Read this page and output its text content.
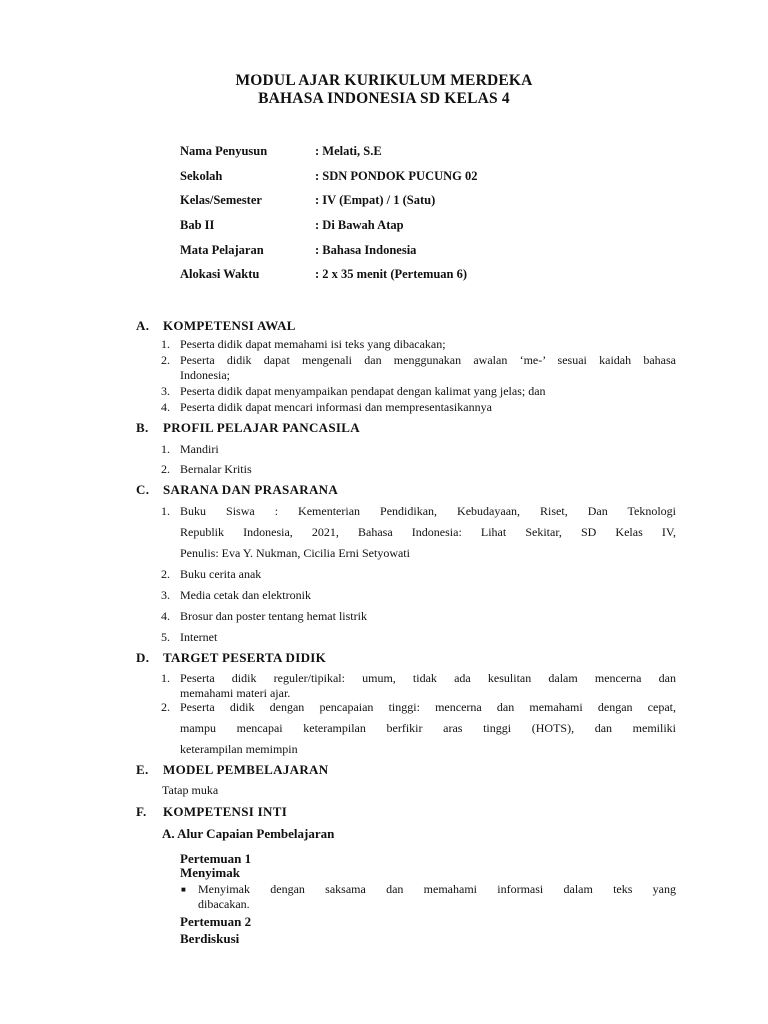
MODUL AJAR KURIKULUM MERDEKA
BAHASA INDONESIA SD KELAS 4
Nama Penyusun	: Melati, S.E
Sekolah	: SDN PONDOK PUCUNG 02
Kelas/Semester	: IV (Empat) / 1 (Satu)
Bab II	: Di Bawah Atap
Mata Pelajaran	: Bahasa Indonesia
Alokasi Waktu	: 2 x 35 menit (Pertemuan 6)
A. KOMPETENSI AWAL
1. Peserta didik dapat memahami isi teks yang dibacakan;
2. Peserta didik dapat mengenali dan menggunakan awalan ‘me-’ sesuai kaidah bahasa
Indonesia;
3. Peserta didik dapat menyampaikan pendapat dengan kalimat yang jelas; dan
4. Peserta didik dapat mencari informasi dan mempresentasikannya
B. PROFIL PELAJAR PANCASILA
1. Mandiri
2. Bernalar Kritis
C. SARANA DAN PRASARANA
1. Buku Siswa : Kementerian Pendidikan, Kebudayaan, Riset, Dan Teknologi
Republik Indonesia, 2021, Bahasa Indonesia: Lihat Sekitar, SD Kelas IV,
Penulis: Eva Y. Nukman, Cicilia Erni Setyowati
2. Buku cerita anak
3. Media cetak dan elektronik
4. Brosur dan poster tentang hemat listrik
5. Internet
D. TARGET PESERTA DIDIK
1. Peserta didik reguler/tipikal: umum, tidak ada kesulitan dalam mencerna dan
memahami materi ajar.
2. Peserta didik dengan pencapaian tinggi: mencerna dan memahami dengan cepat,
mampu mencapai keterampilan berfikir aras tinggi (HOTS), dan memiliki
keterampilan memimpin
E. MODEL PEMBELAJARAN
Tatap muka
F. KOMPETENSI INTI
A. Alur Capaian Pembelajaran
Pertemuan 1
Menyimak
■ Menyimak dengan saksama dan memahami informasi dalam teks yang
dibacakan.
Pertemuan 2
Berdiskusi
